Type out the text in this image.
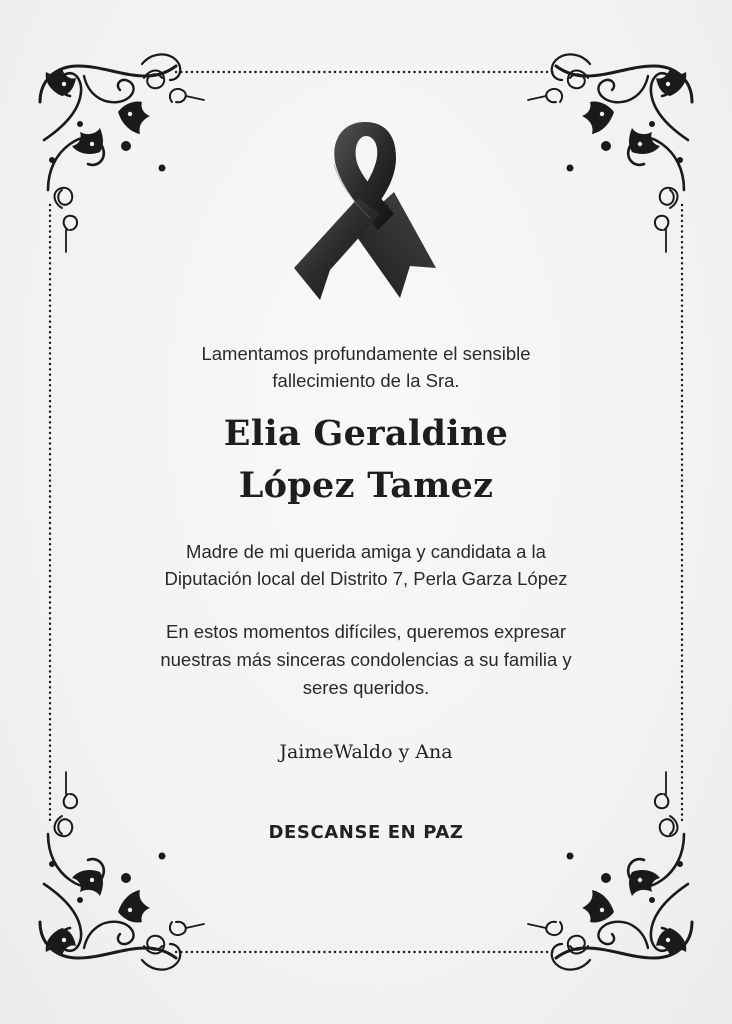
Lamentamos profundamente el sensible
fallecimiento de la Sra.

Elia Geraldine
López Tamez

Madre de mi querida amiga y candidata a la
Diputación local del Distrito 7, Perla Garza López

En estos momentos difíciles, queremos expresar
nuestras más sinceras condolencias a su familia y
seres queridos.

JaimeWaldo y Ana

DESCANSE EN PAZ
